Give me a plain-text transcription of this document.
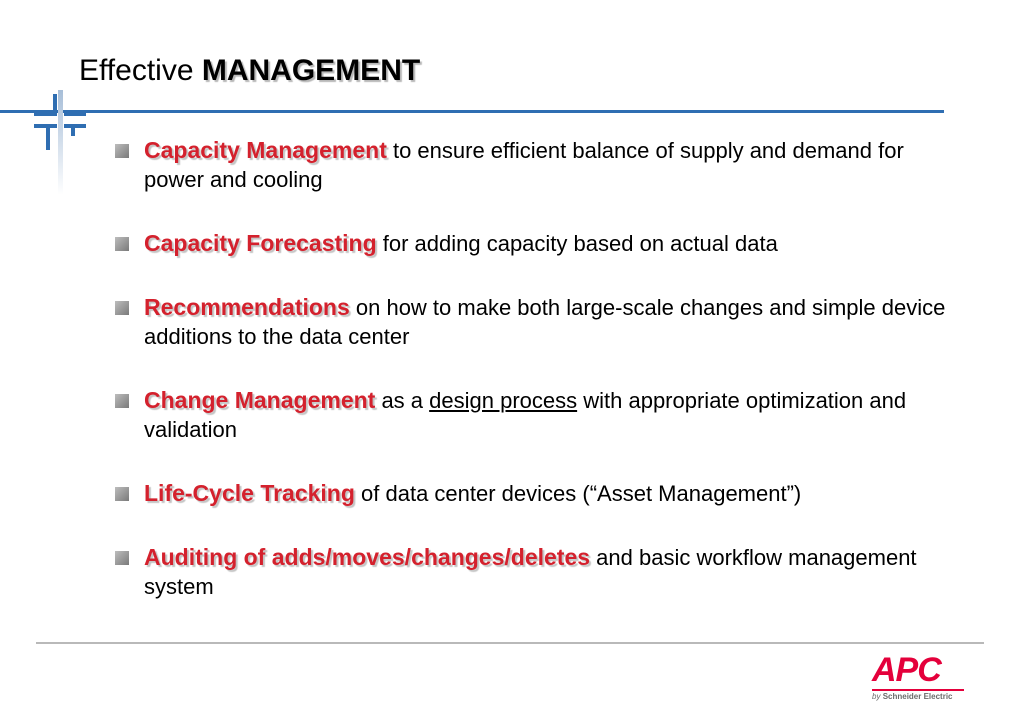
Effective MANAGEMENT
Capacity Management to ensure efficient balance of supply and demand for power and cooling
Capacity Forecasting for adding capacity based on actual data
Recommendations on how to make both large-scale changes and simple device additions to the data center
Change Management as a design process with appropriate optimization and validation
Life-Cycle Tracking of data center devices (“Asset Management”)
Auditing of adds/moves/changes/deletes and basic workflow management system
APC
by Schneider Electric
